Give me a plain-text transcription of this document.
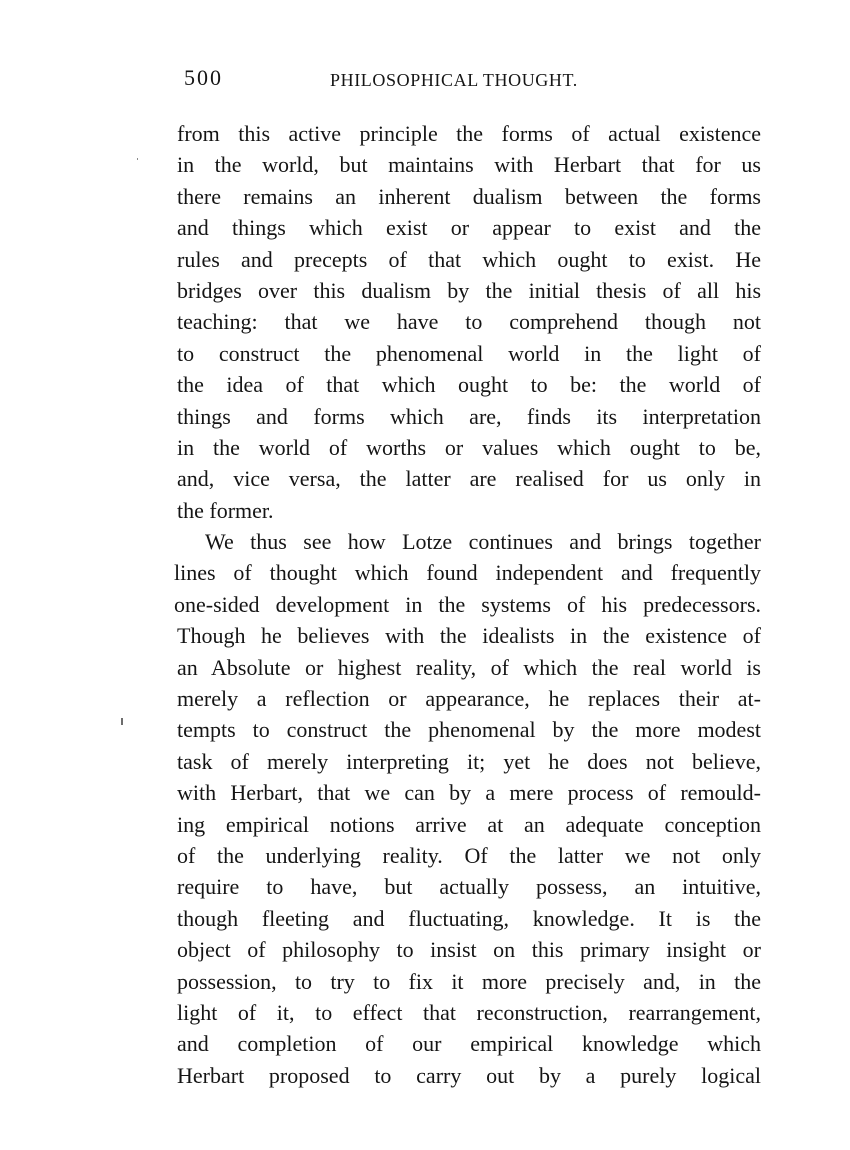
500	PHILOSOPHICAL THOUGHT.
from this active principle the forms of actual existence
in the world, but maintains with Herbart that for us
there remains an inherent dualism between the forms
and things which exist or appear to exist and the
rules and precepts of that which ought to exist. He
bridges over this dualism by the initial thesis of all his
teaching: that we have to comprehend though not
to construct the phenomenal world in the light of
the idea of that which ought to be: the world of
things and forms which are, finds its interpretation
in the world of worths or values which ought to be,
and, vice versa, the latter are realised for us only in
the former.
We thus see how Lotze continues and brings together
lines of thought which found independent and frequently
one-sided development in the systems of his predecessors.
Though he believes with the idealists in the existence of
an Absolute or highest reality, of which the real world is
merely a reflection or appearance, he replaces their at-
tempts to construct the phenomenal by the more modest
task of merely interpreting it; yet he does not believe,
with Herbart, that we can by a mere process of remould-
ing empirical notions arrive at an adequate conception
of the underlying reality. Of the latter we not only
require to have, but actually possess, an intuitive,
though fleeting and fluctuating, knowledge. It is the
object of philosophy to insist on this primary insight or
possession, to try to fix it more precisely and, in the
light of it, to effect that reconstruction, rearrangement,
and completion of our empirical knowledge which
Herbart proposed to carry out by a purely logical
